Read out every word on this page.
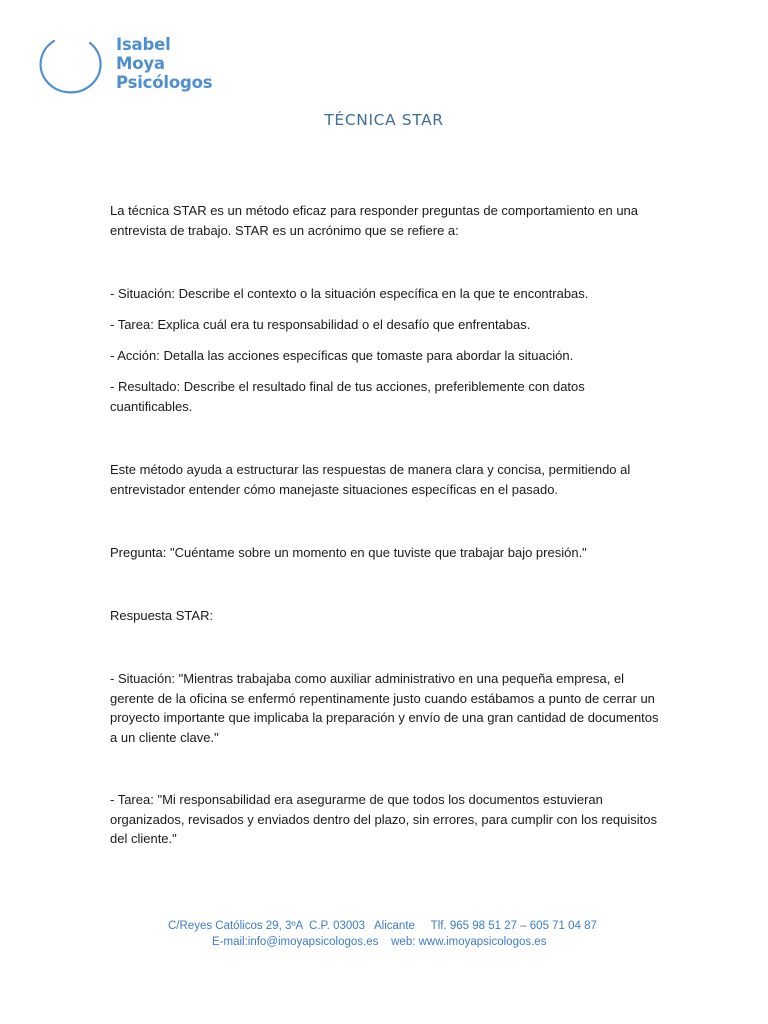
Isabel
Moya
Psicólogos
TÉCNICA STAR

La técnica STAR es un método eficaz para responder preguntas de comportamiento en una entrevista de trabajo. STAR es un acrónimo que se refiere a:

- Situación: Describe el contexto o la situación específica en la que te encontrabas.

- Tarea: Explica cuál era tu responsabilidad o el desafío que enfrentabas.

- Acción: Detalla las acciones específicas que tomaste para abordar la situación.

- Resultado: Describe el resultado final de tus acciones, preferiblemente con datos cuantificables.

Este método ayuda a estructurar las respuestas de manera clara y concisa, permitiendo al entrevistador entender cómo manejaste situaciones específicas en el pasado.

Pregunta: "Cuéntame sobre un momento en que tuviste que trabajar bajo presión."

Respuesta STAR:

- Situación: "Mientras trabajaba como auxiliar administrativo en una pequeña empresa, el gerente de la oficina se enfermó repentinamente justo cuando estábamos a punto de cerrar un proyecto importante que implicaba la preparación y envío de una gran cantidad de documentos a un cliente clave."

- Tarea: "Mi responsabilidad era asegurarme de que todos los documentos estuvieran organizados, revisados y enviados dentro del plazo, sin errores, para cumplir con los requisitos del cliente."

C/Reyes Católicos 29, 3ºA  C.P. 03003   Alicante     Tlf. 965 98 51 27 – 605 71 04 87
E-mail:info@imoyapsicologos.es    web: www.imoyapsicologos.es
